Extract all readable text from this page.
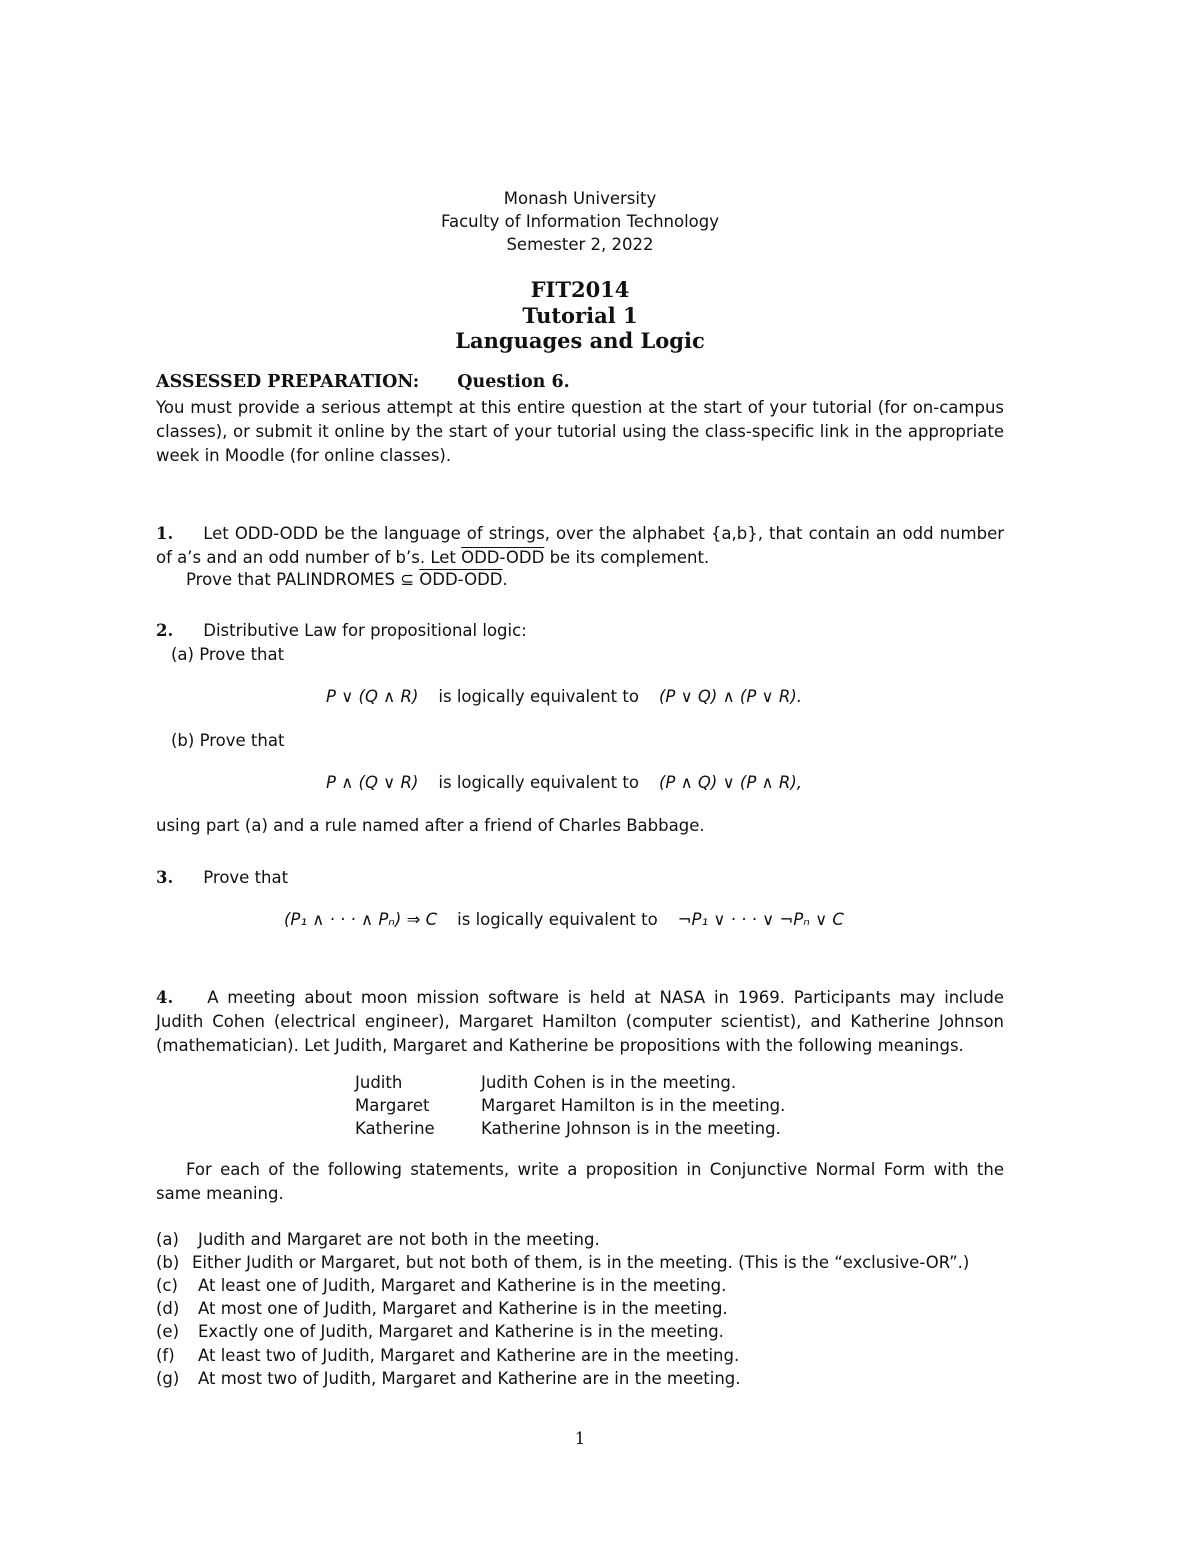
Monash University
Faculty of Information Technology
Semester 2, 2022
FIT2014
Tutorial 1
Languages and Logic
ASSESSED PREPARATION: Question 6.
You must provide a serious attempt at this entire question at the start of your tutorial (for on-campus classes), or submit it online by the start of your tutorial using the class-specific link in the appropriate week in Moodle (for online classes).
1. Let ODD-ODD be the language of strings, over the alphabet {a,b}, that contain an odd number of a’s and an odd number of b’s. Let ODD-ODD be its complement.
Prove that PALINDROMES ⊆ ODD-ODD.
2. Distributive Law for propositional logic:
(a) Prove that
P ∨ (Q ∧ R) is logically equivalent to (P ∨ Q) ∧ (P ∨ R).
(b) Prove that
P ∧ (Q ∨ R) is logically equivalent to (P ∧ Q) ∨ (P ∧ R),
using part (a) and a rule named after a friend of Charles Babbage.
3. Prove that
(P₁ ∧ · · · ∧ Pₙ) ⇒ C is logically equivalent to ¬P₁ ∨ · · · ∨ ¬Pₙ ∨ C
4. A meeting about moon mission software is held at NASA in 1969. Participants may include Judith Cohen (electrical engineer), Margaret Hamilton (computer scientist), and Katherine Johnson (mathematician). Let Judith, Margaret and Katherine be propositions with the following meanings.
Judith	Judith Cohen is in the meeting.
Margaret	Margaret Hamilton is in the meeting.
Katherine	Katherine Johnson is in the meeting.
For each of the following statements, write a proposition in Conjunctive Normal Form with the same meaning.
(a) Judith and Margaret are not both in the meeting.
(b) Either Judith or Margaret, but not both of them, is in the meeting. (This is the “exclusive-OR”.)
(c) At least one of Judith, Margaret and Katherine is in the meeting.
(d) At most one of Judith, Margaret and Katherine is in the meeting.
(e) Exactly one of Judith, Margaret and Katherine is in the meeting.
(f) At least two of Judith, Margaret and Katherine are in the meeting.
(g) At most two of Judith, Margaret and Katherine are in the meeting.
1
